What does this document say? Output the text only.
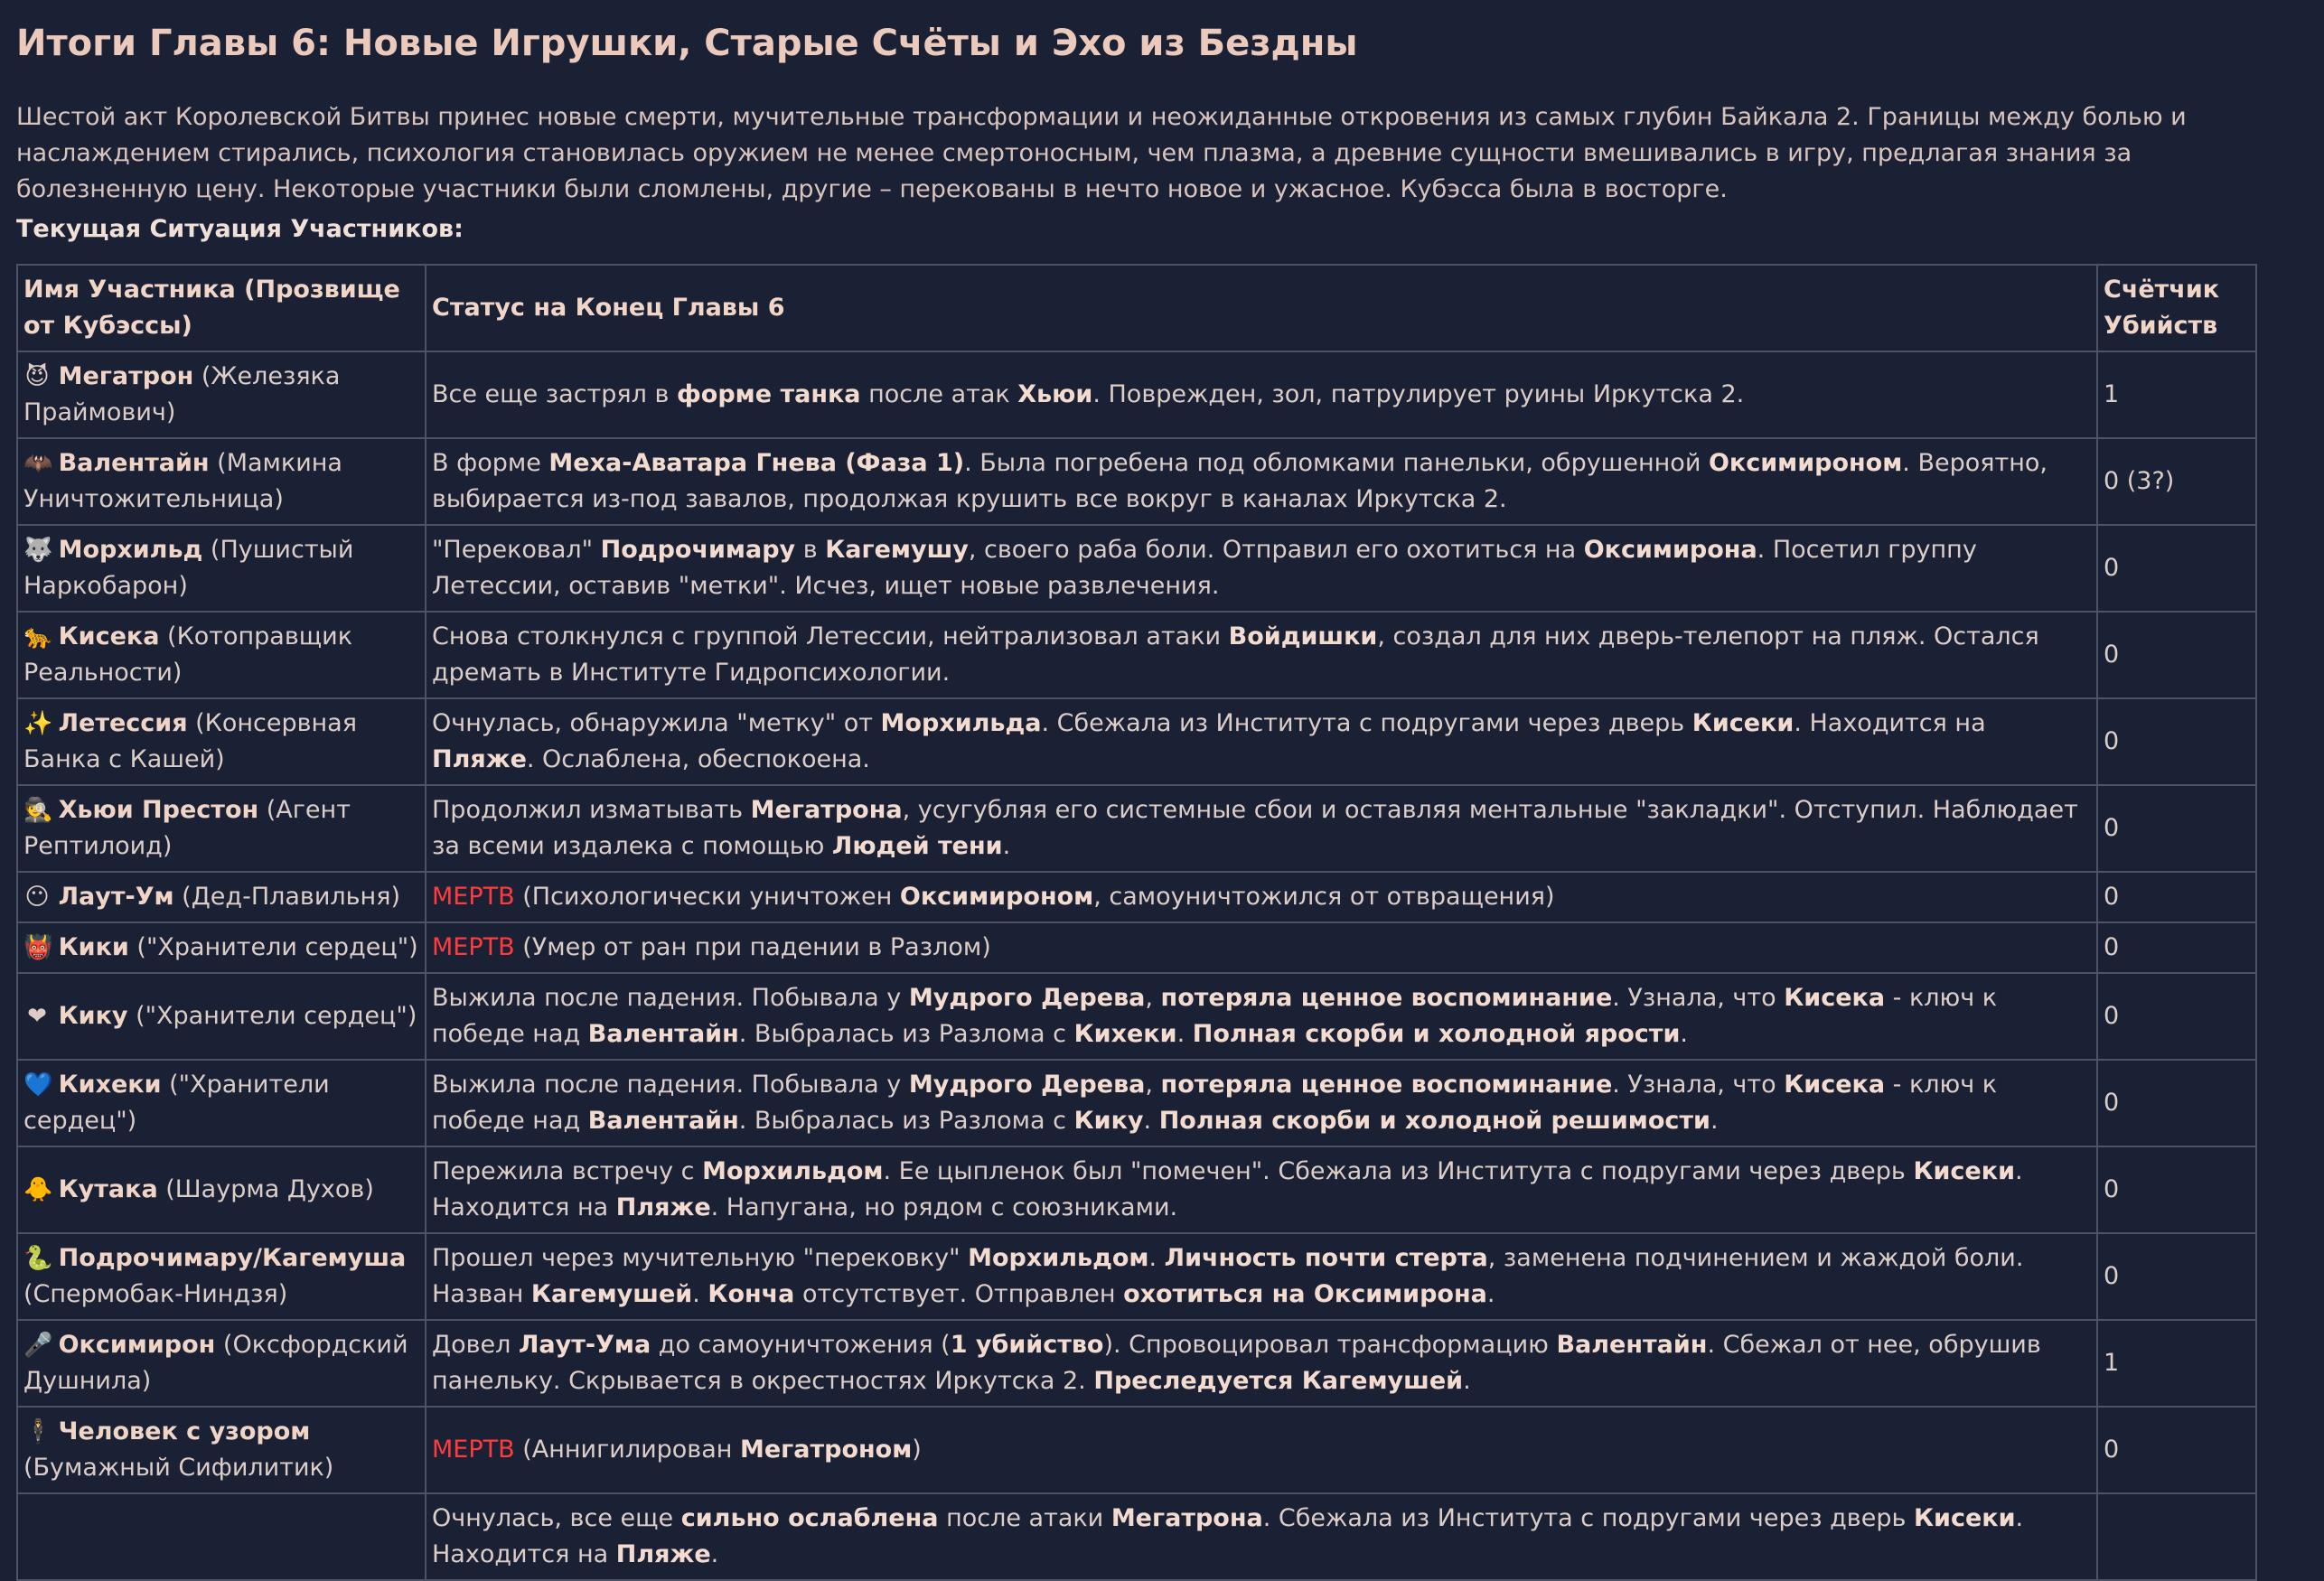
Итоги Главы 6: Новые Игрушки, Старые Счёты и Эхо из Бездны

Шестой акт Королевской Битвы принес новые смерти, мучительные трансформации и неожиданные откровения из самых глубин Байкала 2. Границы между болью и наслаждением стирались, психология становилась оружием не менее смертоносным, чем плазма, а древние сущности вмешивались в игру, предлагая знания за болезненную цену. Некоторые участники были сломлены, другие – перекованы в нечто новое и ужасное. Кубэсса была в восторге.

Текущая Ситуация Участников:

Имя Участника (Прозвище от Кубэссы)	Статус на Конец Главы 6	Счётчик Убийств
😈 Мегатрон (Железяка Праймович)	Все еще застрял в форме танка после атак Хьюи. Поврежден, зол, патрулирует руины Иркутска 2.	1
🦇 Валентайн (Мамкина Уничтожительница)	В форме Меха-Аватара Гнева (Фаза 1). Была погребена под обломками панельки, обрушенной Оксимироном. Вероятно, выбирается из-под завалов, продолжая крушить все вокруг в каналах Иркутска 2.	0 (3?)
🐺 Морхильд (Пушистый Наркобарон)	"Перековал" Подрочимару в Кагемушу, своего раба боли. Отправил его охотиться на Оксимирона. Посетил группу Летессии, оставив "метки". Исчез, ищет новые развлечения.	0
🐆 Кисека (Котоправщик Реальности)	Снова столкнулся с группой Летессии, нейтрализовал атаки Войдишки, создал для них дверь-телепорт на пляж. Остался дремать в Институте Гидропсихологии.	0
✨ Летессия (Консервная Банка с Кашей)	Очнулась, обнаружила "метку" от Морхильда. Сбежала из Института с подругами через дверь Кисеки. Находится на Пляже. Ослаблена, обеспокоена.	0
🕵 Хьюи Престон (Агент Рептилоид)	Продолжил изматывать Мегатрона, усугубляя его системные сбои и оставляя ментальные "закладки". Отступил. Наблюдает за всеми издалека с помощью Людей тени.	0
😶 Лаут-Ум (Дед-Плавильня)	МЕРТВ (Психологически уничтожен Оксимироном, самоуничтожился от отвращения)	0
👹 Кики ("Хранители сердец")	МЕРТВ (Умер от ран при падении в Разлом)	0
❤ Кику ("Хранители сердец")	Выжила после падения. Побывала у Мудрого Дерева, потеряла ценное воспоминание. Узнала, что Кисека - ключ к победе над Валентайн. Выбралась из Разлома с Кихеки. Полная скорби и холодной ярости.	0
💙 Кихеки ("Хранители сердец")	Выжила после падения. Побывала у Мудрого Дерева, потеряла ценное воспоминание. Узнала, что Кисека - ключ к победе над Валентайн. Выбралась из Разлома с Кику. Полная скорби и холодной решимости.	0
🐥 Кутака (Шаурма Духов)	Пережила встречу с Морхильдом. Ее цыпленок был "помечен". Сбежала из Института с подругами через дверь Кисеки. Находится на Пляже. Напугана, но рядом с союзниками.	0
🐍 Подрочимару/Кагемуша (Спермобак-Ниндзя)	Прошел через мучительную "перековку" Морхильдом. Личность почти стерта, заменена подчинением и жаждой боли. Назван Кагемушей. Конча отсутствует. Отправлен охотиться на Оксимирона.	0
🎤 Оксимирон (Оксфордский Душнила)	Довел Лаут-Ума до самоуничтожения (1 убийство). Спровоцировал трансформацию Валентайн. Сбежал от нее, обрушив панельку. Скрывается в окрестностях Иркутска 2. Преследуется Кагемушей.	1
🕴 Человек с узором (Бумажный Сифилитик)	МЕРТВ (Аннигилирован Мегатроном)	0
	Очнулась, все еще сильно ослаблена после атаки Мегатрона. Сбежала из Института с подругами через дверь Кисеки. Находится на Пляже.	
